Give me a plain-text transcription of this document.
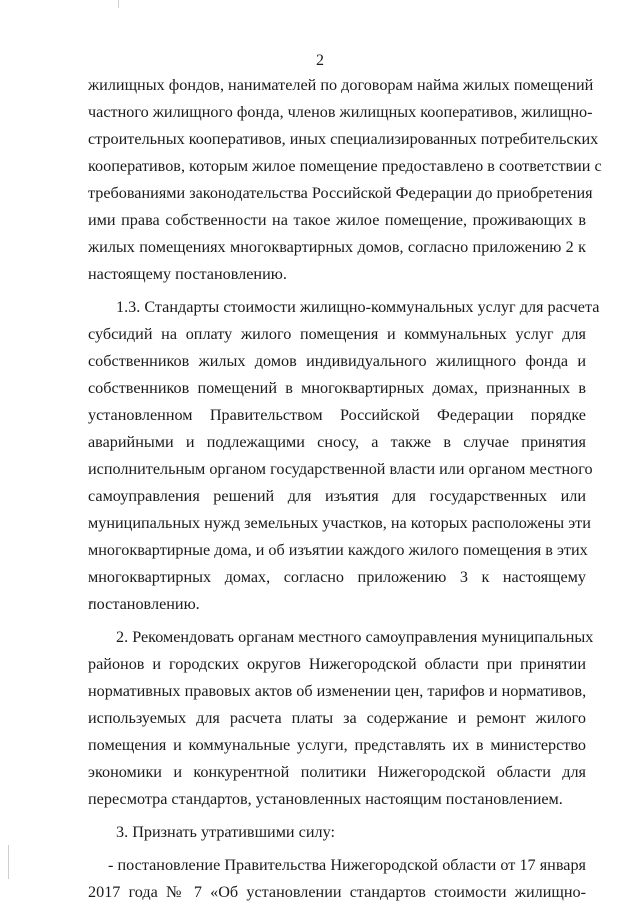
2
жилищных фондов, нанимателей по договорам найма жилых помещений
частного жилищного фонда, членов жилищных кооперативов, жилищно-
строительных кооперативов, иных специализированных потребительских
кооперативов, которым жилое помещение предоставлено в соответствии с
требованиями законодательства Российской Федерации до приобретения
ими права собственности на такое жилое помещение, проживающих в
жилых помещениях многоквартирных домов, согласно приложению 2 к
настоящему постановлению.
1.3. Стандарты стоимости жилищно-коммунальных услуг для расчета
субсидий на оплату жилого помещения и коммунальных услуг для
собственников жилых домов индивидуального жилищного фонда и
собственников помещений в многоквартирных домах, признанных в
установленном Правительством Российской Федерации порядке
аварийными и подлежащими сносу, а также в случае принятия
исполнительным органом государственной власти или органом местного
самоуправления решений для изъятия для государственных или
муниципальных нужд земельных участков, на которых расположены эти
многоквартирные дома, и об изъятии каждого жилого помещения в этих
многоквартирных домах, согласно приложению 3 к настоящему
постановлению.
2. Рекомендовать органам местного самоуправления муниципальных
районов и городских округов Нижегородской области при принятии
нормативных правовых актов об изменении цен, тарифов и нормативов,
используемых для расчета платы за содержание и ремонт жилого
помещения и коммунальные услуги, представлять их в министерство
экономики и конкурентной политики Нижегородской области для
пересмотра стандартов, установленных настоящим постановлением.
3. Признать утратившими силу:
- постановление Правительства Нижегородской области от 17 января
2017 года № 7 «Об установлении стандартов стоимости жилищно-
